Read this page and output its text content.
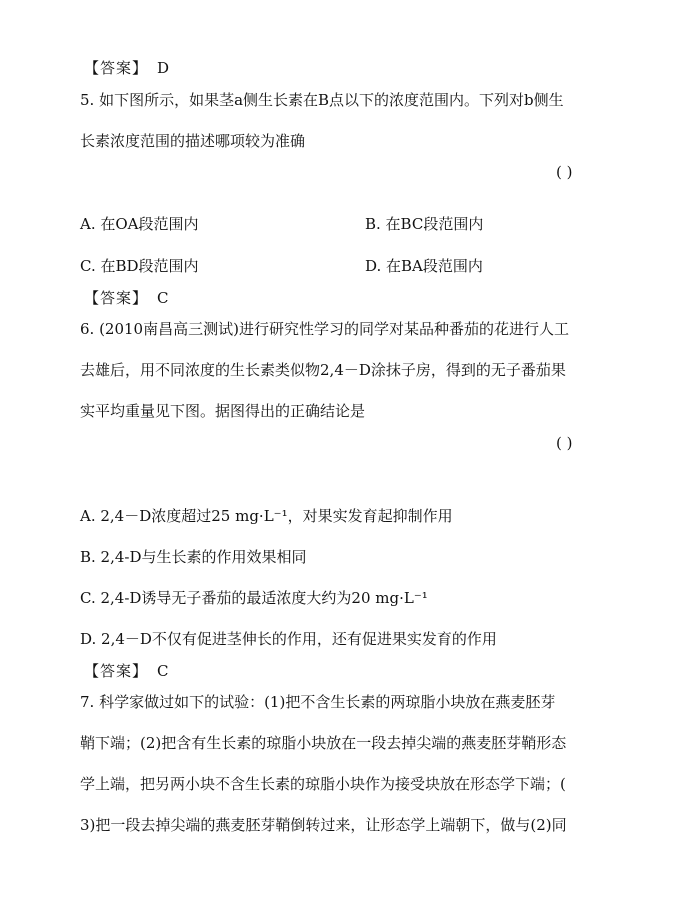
【答案】 D
5. 如下图所示，如果茎a侧生长素在B点以下的浓度范围内。下列对b侧生
长素浓度范围的描述哪项较为准确
( )
A. 在OA段范围内	B. 在BC段范围内
C. 在BD段范围内	D. 在BA段范围内
【答案】 C
6. (2010南昌高三测试)进行研究性学习的同学对某品种番茄的花进行人工
去雄后，用不同浓度的生长素类似物2,4－D涂抹子房，得到的无子番茄果
实平均重量见下图。据图得出的正确结论是
( )
A. 2,4－D浓度超过25 mg·L⁻¹，对果实发育起抑制作用
B. 2,4-D与生长素的作用效果相同
C. 2,4-D诱导无子番茄的最适浓度大约为20 mg·L⁻¹
D. 2,4－D不仅有促进茎伸长的作用，还有促进果实发育的作用
【答案】 C
7. 科学家做过如下的试验：(1)把不含生长素的两琼脂小块放在燕麦胚芽
鞘下端；(2)把含有生长素的琼脂小块放在一段去掉尖端的燕麦胚芽鞘形态
学上端，把另两小块不含生长素的琼脂小块作为接受块放在形态学下端；(
3)把一段去掉尖端的燕麦胚芽鞘倒转过来，让形态学上端朝下，做与(2)同
